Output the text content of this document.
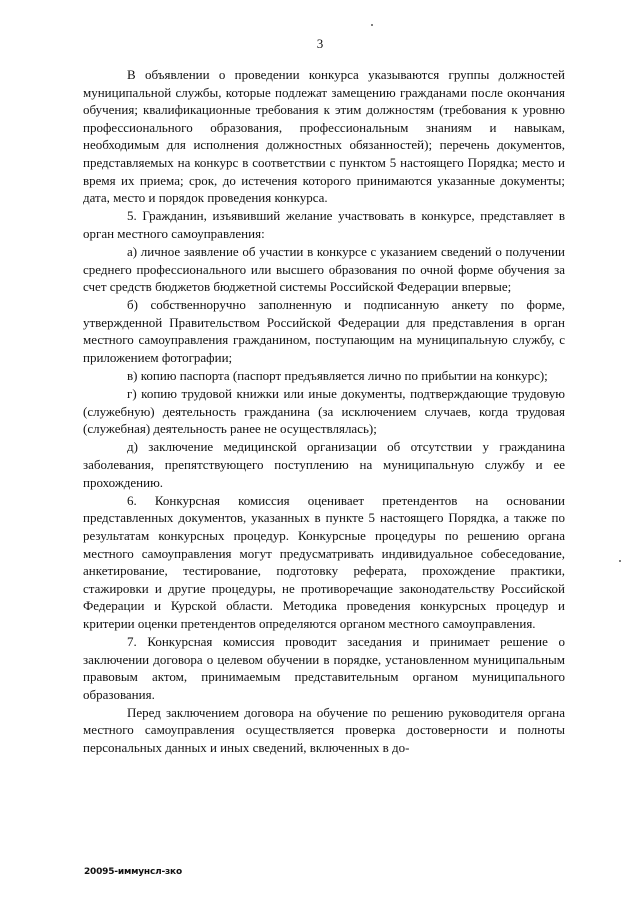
3

В объявлении о проведении конкурса указываются группы должностей муниципальной службы, которые подлежат замещению гражданами после окончания обучения; квалификационные требования к этим должностям (требования к уровню профессионального образования, профессиональным знаниям и навыкам, необходимым для исполнения должностных обязанностей); перечень документов, представляемых на конкурс в соответствии с пунктом 5 настоящего Порядка; место и время их приема; срок, до истечения которого принимаются указанные документы; дата, место и порядок проведения конкурса.

5. Гражданин, изъявивший желание участвовать в конкурсе, представляет в орган местного самоуправления:

а) личное заявление об участии в конкурсе с указанием сведений о получении среднего профессионального или высшего образования по очной форме обучения за счет средств бюджетов бюджетной системы Российской Федерации впервые;

б) собственноручно заполненную и подписанную анкету по форме, утвержденной Правительством Российской Федерации для представления в орган местного самоуправления гражданином, поступающим на муниципальную службу, с приложением фотографии;

в) копию паспорта (паспорт предъявляется лично по прибытии на конкурс);

г) копию трудовой книжки или иные документы, подтверждающие трудовую (служебную) деятельность гражданина (за исключением случаев, когда трудовая (служебная) деятельность ранее не осуществлялась);

д) заключение медицинской организации об отсутствии у гражданина заболевания, препятствующего поступлению на муниципальную службу и ее прохождению.

6. Конкурсная комиссия оценивает претендентов на основании представленных документов, указанных в пункте 5 настоящего Порядка, а также по результатам конкурсных процедур. Конкурсные процедуры по решению органа местного самоуправления могут предусматривать индивидуальное собеседование, анкетирование, тестирование, подготовку реферата, прохождение практики, стажировки и другие процедуры, не противоречащие законодательству Российской Федерации и Курской области. Методика проведения конкурсных процедур и критерии оценки претендентов определяются органом местного самоуправления.

7. Конкурсная комиссия проводит заседания и принимает решение о заключении договора о целевом обучении в порядке, установленном муниципальным правовым актом, принимаемым представительным органом муниципального образования.

Перед заключением договора на обучение по решению руководителя органа местного самоуправления осуществляется проверка достоверности и полноты персональных данных и иных сведений, включенных в до-

20095-иммунсл-зко
